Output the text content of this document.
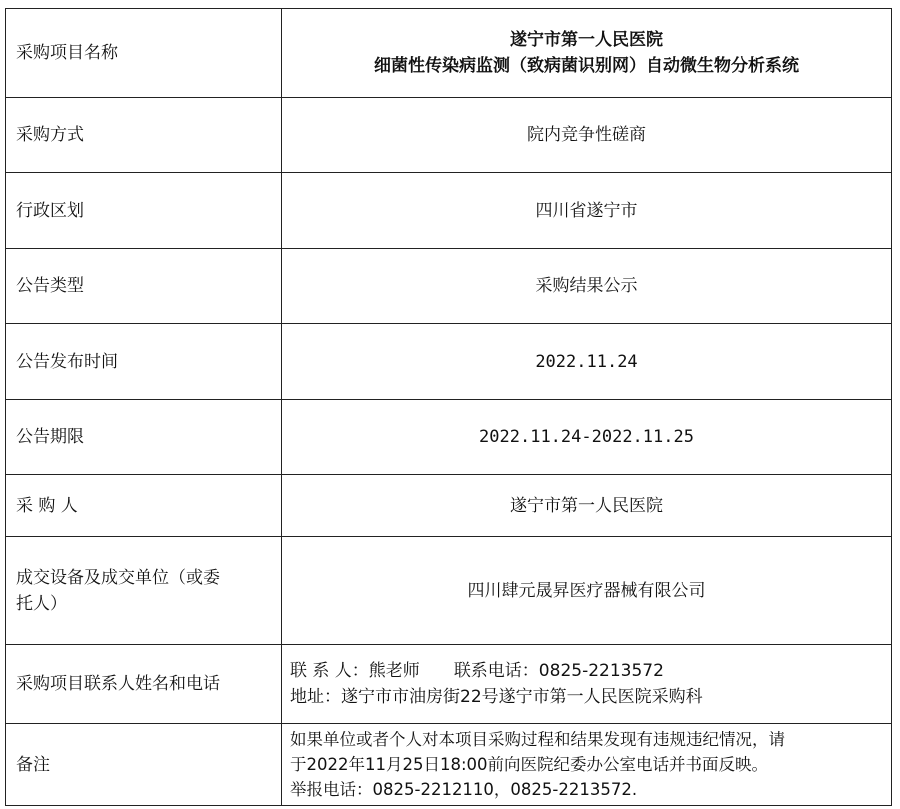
采购项目名称	遂宁市第一人民医院
细菌性传染病监测（致病菌识别网）自动微生物分析系统

采购方式	院内竞争性磋商
行政区划	四川省遂宁市
公告类型	采购结果公示
公告发布时间	2022.11.24
公告期限	2022.11.24-2022.11.25
采 购 人	遂宁市第一人民医院

成交设备及成交单位（或委
托人）	四川肆元晟昇医疗器械有限公司
采购项目联系人姓名和电话	联 系 人：熊老师 联系电话：0825-2213572
地址：遂宁市市油房街22号遂宁市第一人民医院采购科

备注	如果单位或者个人对本项目采购过程和结果发现有违规违纪情况，请
于2022年11月25日18:00前向医院纪委办公室电话并书面反映。
举报电话：0825-2212110，0825-2213572.
